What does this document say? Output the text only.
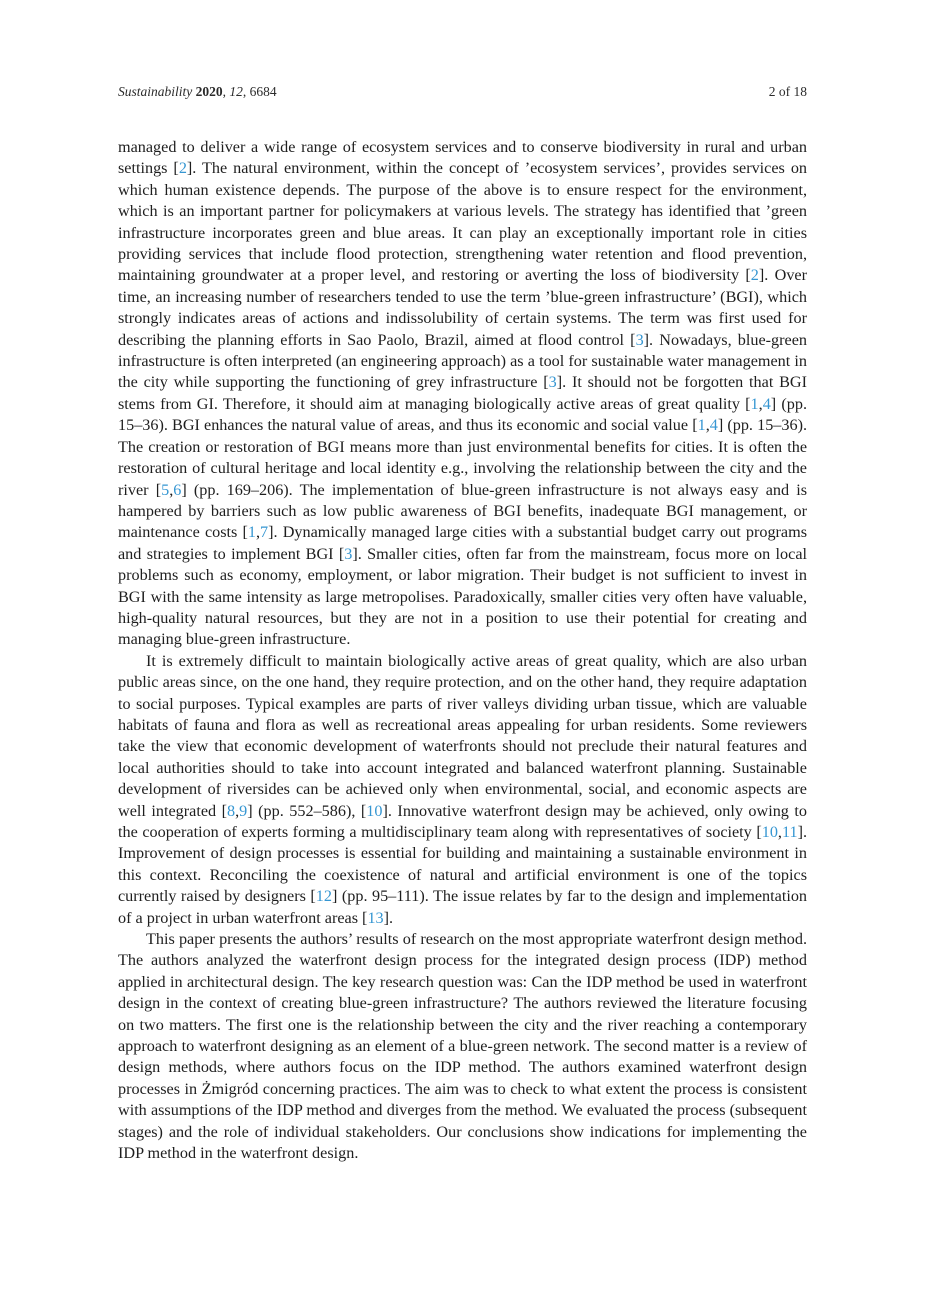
Sustainability 2020, 12, 6684	2 of 18

managed to deliver a wide range of ecosystem services and to conserve biodiversity in rural and urban settings [2]. The natural environment, within the concept of ’ecosystem services’, provides services on which human existence depends. The purpose of the above is to ensure respect for the environment, which is an important partner for policymakers at various levels. The strategy has identified that ’green infrastructure incorporates green and blue areas. It can play an exceptionally important role in cities providing services that include flood protection, strengthening water retention and flood prevention, maintaining groundwater at a proper level, and restoring or averting the loss of biodiversity [2]. Over time, an increasing number of researchers tended to use the term ’blue-green infrastructure’ (BGI), which strongly indicates areas of actions and indissolubility of certain systems. The term was first used for describing the planning efforts in Sao Paolo, Brazil, aimed at flood control [3]. Nowadays, blue-green infrastructure is often interpreted (an engineering approach) as a tool for sustainable water management in the city while supporting the functioning of grey infrastructure [3]. It should not be forgotten that BGI stems from GI. Therefore, it should aim at managing biologically active areas of great quality [1,4] (pp. 15–36). BGI enhances the natural value of areas, and thus its economic and social value [1,4] (pp. 15–36). The creation or restoration of BGI means more than just environmental benefits for cities. It is often the restoration of cultural heritage and local identity e.g., involving the relationship between the city and the river [5,6] (pp. 169–206). The implementation of blue-green infrastructure is not always easy and is hampered by barriers such as low public awareness of BGI benefits, inadequate BGI management, or maintenance costs [1,7]. Dynamically managed large cities with a substantial budget carry out programs and strategies to implement BGI [3]. Smaller cities, often far from the mainstream, focus more on local problems such as economy, employment, or labor migration. Their budget is not sufficient to invest in BGI with the same intensity as large metropolises. Paradoxically, smaller cities very often have valuable, high-quality natural resources, but they are not in a position to use their potential for creating and managing blue-green infrastructure.

It is extremely difficult to maintain biologically active areas of great quality, which are also urban public areas since, on the one hand, they require protection, and on the other hand, they require adaptation to social purposes. Typical examples are parts of river valleys dividing urban tissue, which are valuable habitats of fauna and flora as well as recreational areas appealing for urban residents. Some reviewers take the view that economic development of waterfronts should not preclude their natural features and local authorities should to take into account integrated and balanced waterfront planning. Sustainable development of riversides can be achieved only when environmental, social, and economic aspects are well integrated [8,9] (pp. 552–586), [10]. Innovative waterfront design may be achieved, only owing to the cooperation of experts forming a multidisciplinary team along with representatives of society [10,11]. Improvement of design processes is essential for building and maintaining a sustainable environment in this context. Reconciling the coexistence of natural and artificial environment is one of the topics currently raised by designers [12] (pp. 95–111). The issue relates by far to the design and implementation of a project in urban waterfront areas [13].

This paper presents the authors’ results of research on the most appropriate waterfront design method. The authors analyzed the waterfront design process for the integrated design process (IDP) method applied in architectural design. The key research question was: Can the IDP method be used in waterfront design in the context of creating blue-green infrastructure? The authors reviewed the literature focusing on two matters. The first one is the relationship between the city and the river reaching a contemporary approach to waterfront designing as an element of a blue-green network. The second matter is a review of design methods, where authors focus on the IDP method. The authors examined waterfront design processes in Żmigród concerning practices. The aim was to check to what extent the process is consistent with assumptions of the IDP method and diverges from the method. We evaluated the process (subsequent stages) and the role of individual stakeholders. Our conclusions show indications for implementing the IDP method in the waterfront design.
